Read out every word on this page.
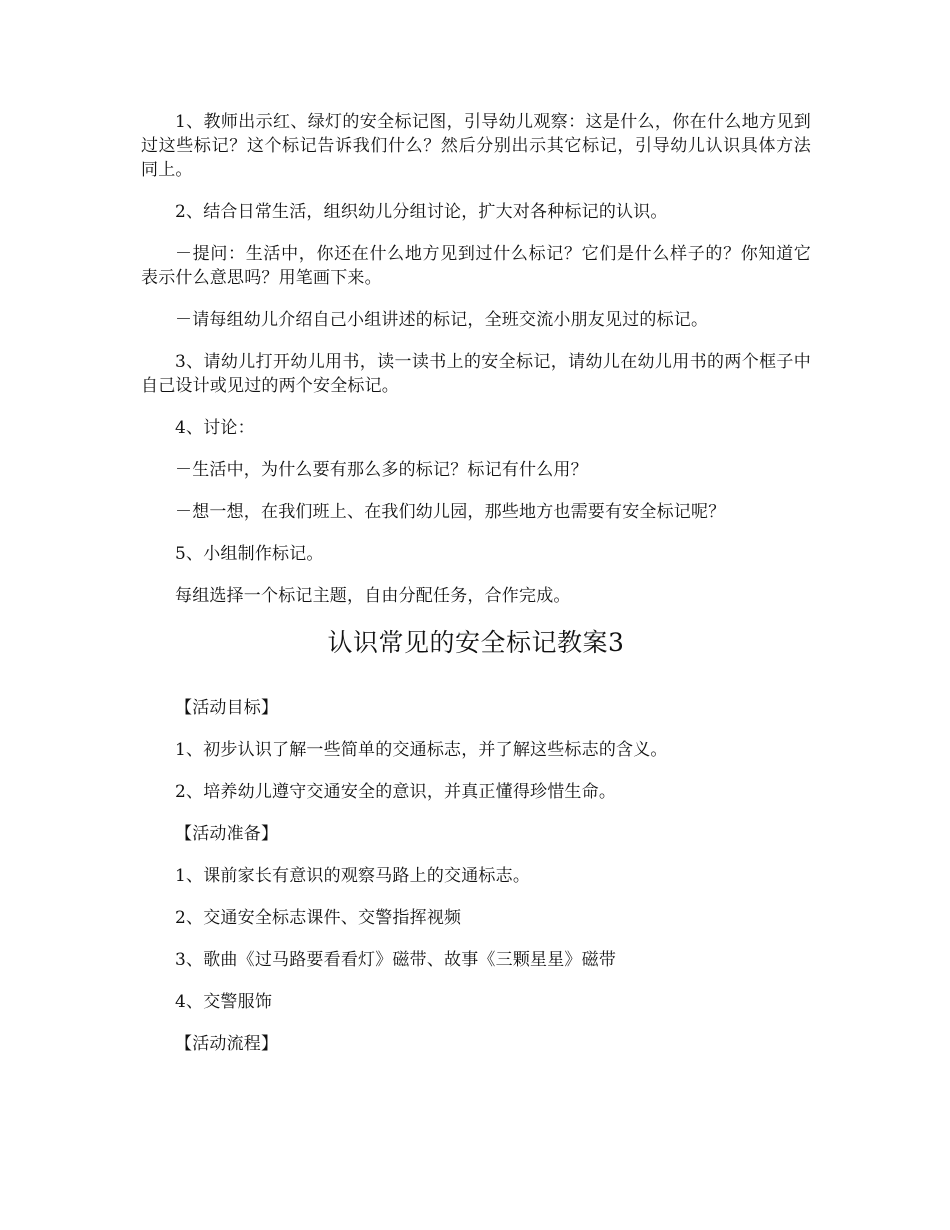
1、教师出示红、绿灯的安全标记图，引导幼儿观察：这是什么，你在什么地方见到过这些标记？这个标记告诉我们什么？然后分别出示其它标记，引导幼儿认识具体方法同上。

2、结合日常生活，组织幼儿分组讨论，扩大对各种标记的认识。

－提问：生活中，你还在什么地方见到过什么标记？它们是什么样子的？你知道它表示什么意思吗？用笔画下来。

－请每组幼儿介绍自己小组讲述的标记，全班交流小朋友见过的标记。

3、请幼儿打开幼儿用书，读一读书上的安全标记，请幼儿在幼儿用书的两个框子中自己设计或见过的两个安全标记。

4、讨论：

－生活中，为什么要有那么多的标记？标记有什么用？

－想一想，在我们班上、在我们幼儿园，那些地方也需要有安全标记呢？

5、小组制作标记。

每组选择一个标记主题，自由分配任务，合作完成。

认识常见的安全标记教案3

【活动目标】

1、初步认识了解一些简单的交通标志，并了解这些标志的含义。

2、培养幼儿遵守交通安全的意识，并真正懂得珍惜生命。

【活动准备】

1、课前家长有意识的观察马路上的交通标志。

2、交通安全标志课件、交警指挥视频

3、歌曲《过马路要看看灯》磁带、故事《三颗星星》磁带

4、交警服饰

【活动流程】
